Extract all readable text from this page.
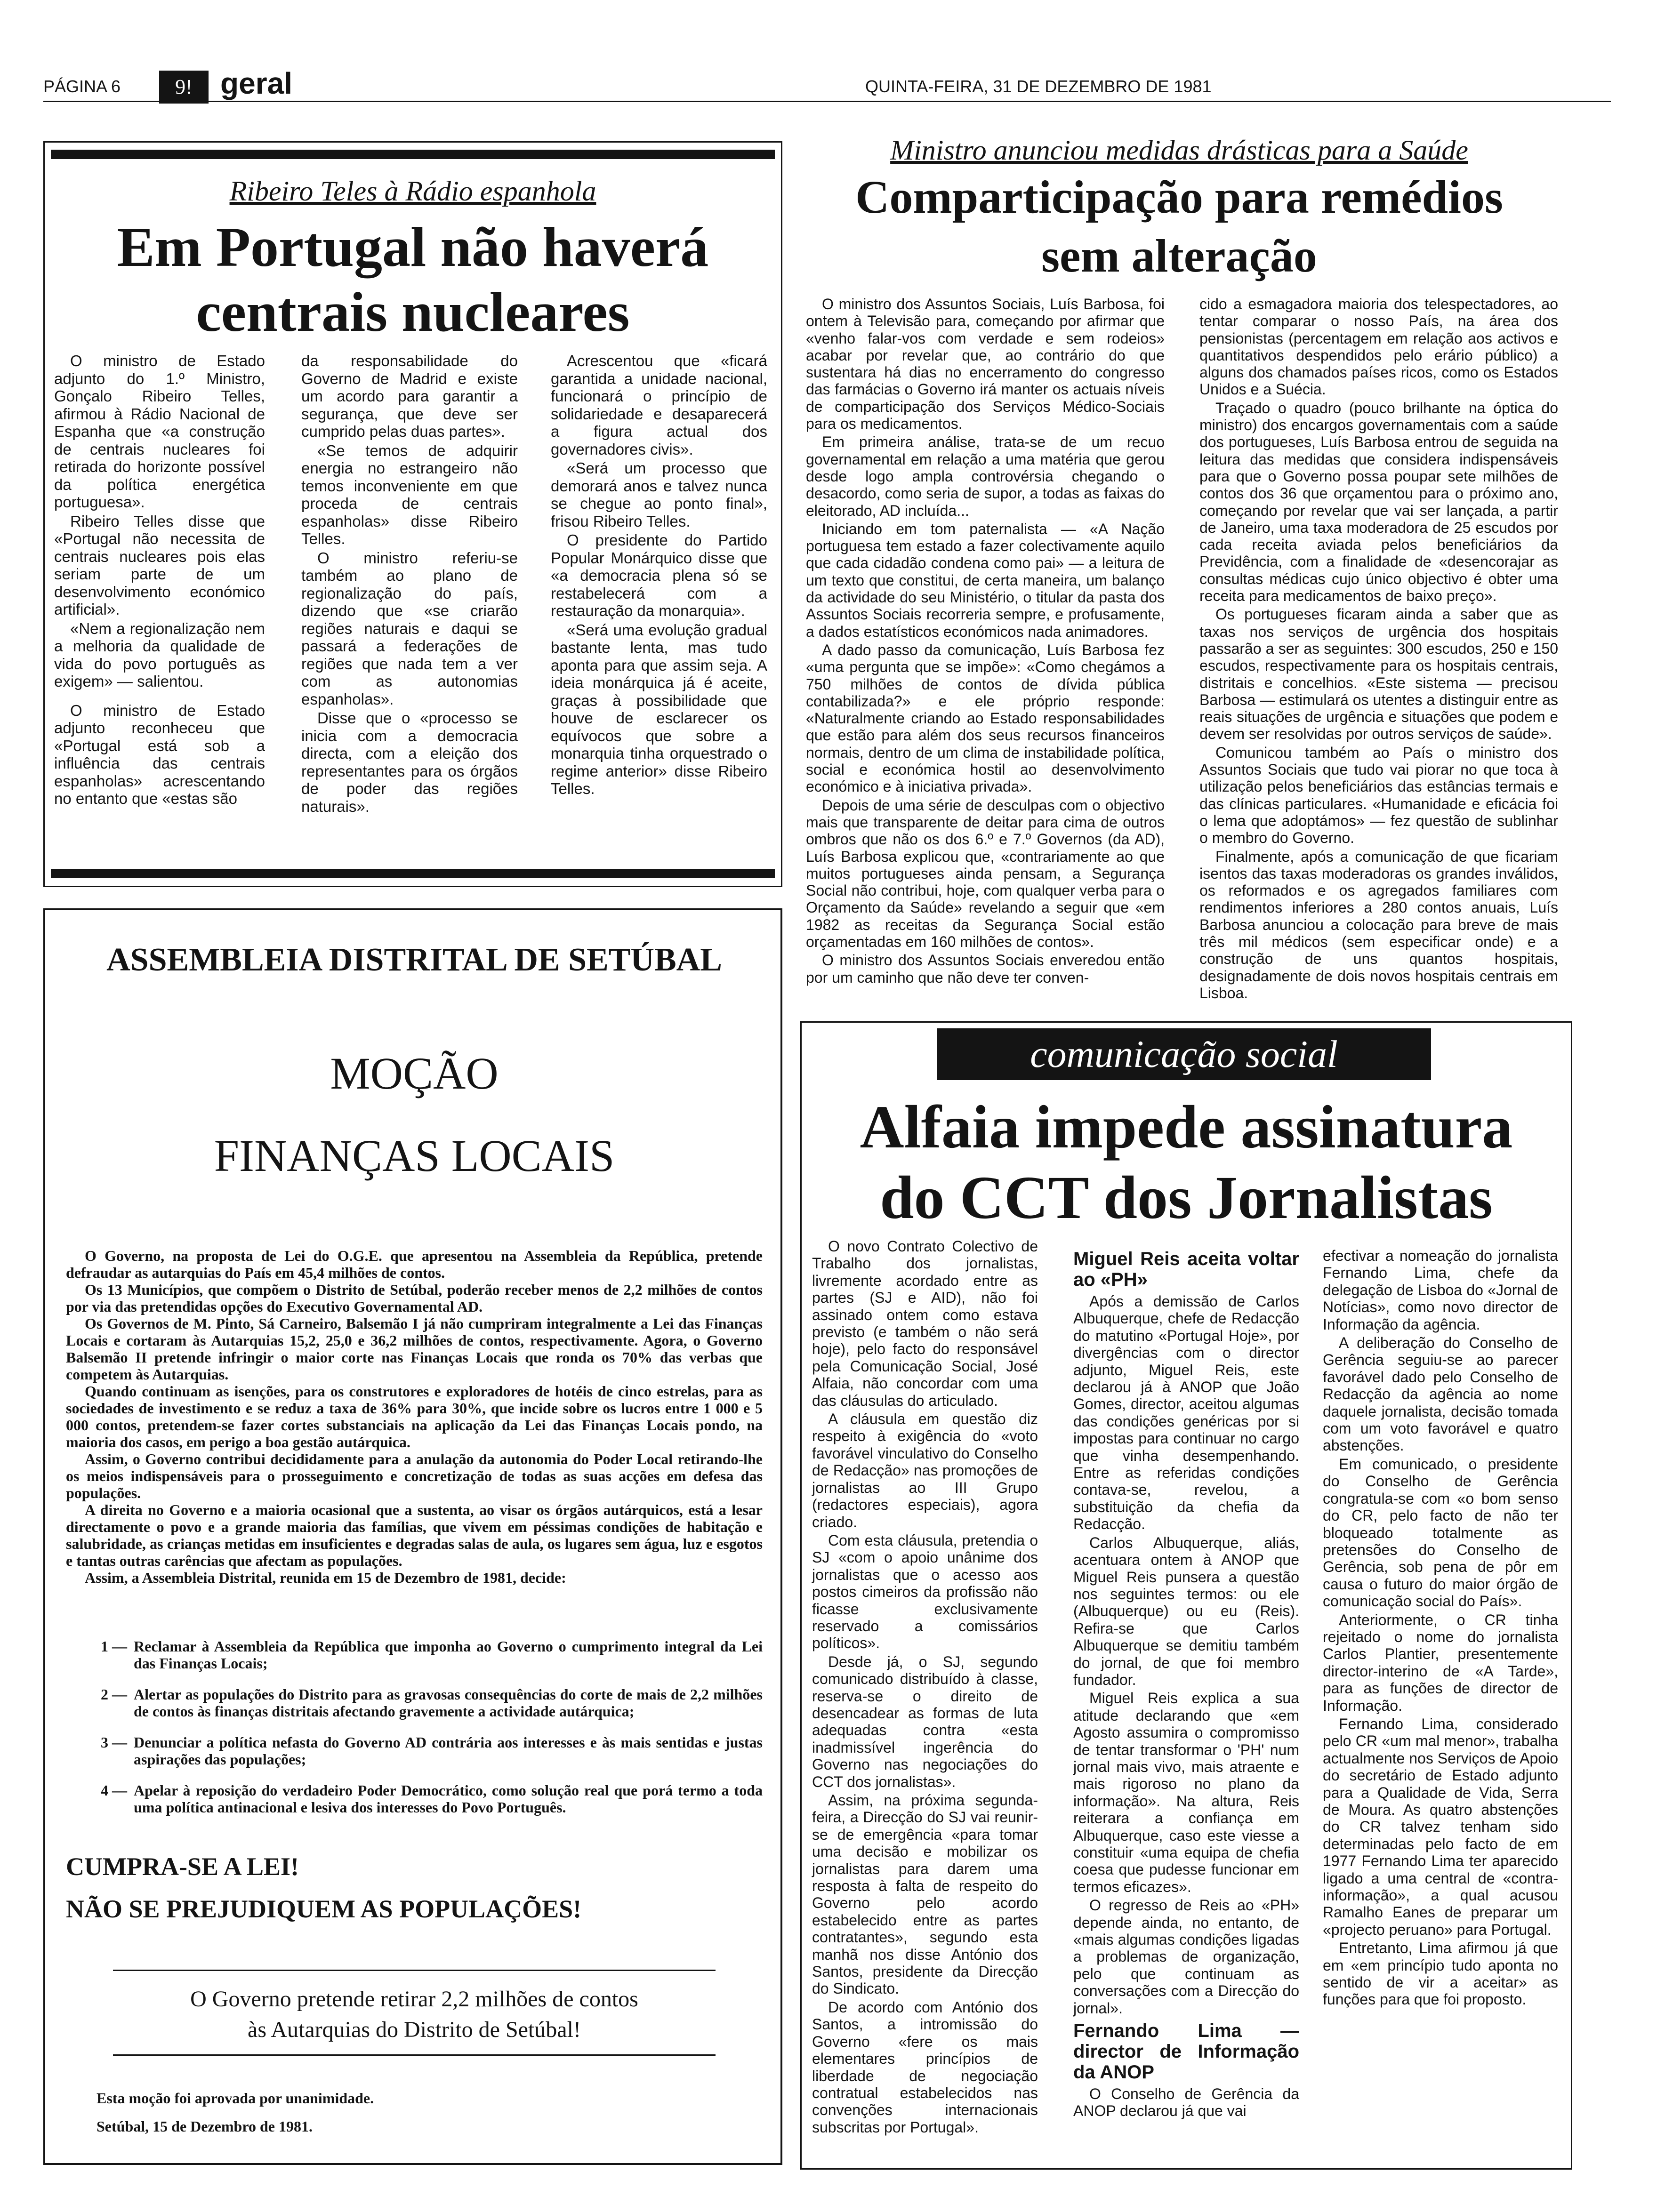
PÁGINA 6	9! geral	QUINTA-FEIRA, 31 DE DEZEMBRO DE 1981
Ribeiro Teles à Rádio espanhola
Em Portugal não haverá
centrais nucleares

O ministro de Estado adjunto do 1.º Ministro, Gonçalo Ribeiro Telles, afirmou à Rádio Nacional de Espanha que «a construção de centrais nucleares foi retirada do horizonte possível da política energética portuguesa».

Ribeiro Telles disse que «Portugal não necessita de centrais nucleares pois elas seriam parte de um desenvolvimento económico artificial».

«Nem a regionalização nem a melhoria da qualidade de vida do povo português as exigem» — salientou.

O ministro de Estado adjunto reconheceu que «Portugal está sob a influência das centrais espanholas» acrescentando no entanto que «estas são

da responsabilidade do Governo de Madrid e existe um acordo para garantir a segurança, que deve ser cumprido pelas duas partes».

«Se temos de adquirir energia no estrangeiro não temos inconveniente em que proceda de centrais espanholas» disse Ribeiro Telles.

O ministro referiu-se também ao plano de regionalização do país, dizendo que «se criarão regiões naturais e daqui se passará a federações de regiões que nada tem a ver com as autonomias espanholas».

Disse que o «processo se inicia com a democracia directa, com a eleição dos representantes para os órgãos de poder das regiões naturais».

Acrescentou que «ficará garantida a unidade nacional, funcionará o princípio de solidariedade e desaparecerá a figura actual dos governadores civis».

«Será um processo que demorará anos e talvez nunca se chegue ao ponto final», frisou Ribeiro Telles.

O presidente do Partido Popular Monárquico disse que «a democracia plena só se restabelecerá com a restauração da monarquia».

«Será uma evolução gradual bastante lenta, mas tudo aponta para que assim seja. A ideia monárquica já é aceite, graças à possibilidade que houve de esclarecer os equívocos que sobre a monarquia tinha orquestrado o regime anterior» disse Ribeiro Telles.

Ministro anunciou medidas drásticas para a Saúde
Comparticipação para remédios
sem alteração

O ministro dos Assuntos Sociais, Luís Barbosa, foi ontem à Televisão para, começando por afirmar que «venho falar-vos com verdade e sem rodeios» acabar por revelar que, ao contrário do que sustentara há dias no encerramento do congresso das farmácias o Governo irá manter os actuais níveis de comparticipação dos Serviços Médico-Sociais para os medicamentos.

Em primeira análise, trata-se de um recuo governamental em relação a uma matéria que gerou desde logo ampla controvérsia chegando o desacordo, como seria de supor, a todas as faixas do eleitorado, AD incluída...

Iniciando em tom paternalista — «A Nação portuguesa tem estado a fazer colectivamente aquilo que cada cidadão condena como pai» — a leitura de um texto que constitui, de certa maneira, um balanço da actividade do seu Ministério, o titular da pasta dos Assuntos Sociais recorreria sempre, e profusamente, a dados estatísticos económicos nada animadores.

A dado passo da comunicação, Luís Barbosa fez «uma pergunta que se impõe»: «Como chegámos a 750 milhões de contos de dívida pública contabilizada?» e ele próprio responde: «Naturalmente criando ao Estado responsabilidades que estão para além dos seus recursos financeiros normais, dentro de um clima de instabilidade política, social e económica hostil ao desenvolvimento económico e à iniciativa privada».

Depois de uma série de desculpas com o objectivo mais que transparente de deitar para cima de outros ombros que não os dos 6.º e 7.º Governos (da AD), Luís Barbosa explicou que, «contrariamente ao que muitos portugueses ainda pensam, a Segurança Social não contribui, hoje, com qualquer verba para o Orçamento da Saúde» revelando a seguir que «em 1982 as receitas da Segurança Social estão orçamentadas em 160 milhões de contos».

O ministro dos Assuntos Sociais enveredou então por um caminho que não deve ter conven-

cido a esmagadora maioria dos telespectadores, ao tentar comparar o nosso País, na área dos pensionistas (percentagem em relação aos activos e quantitativos despendidos pelo erário público) a alguns dos chamados países ricos, como os Estados Unidos e a Suécia.

Traçado o quadro (pouco brilhante na óptica do ministro) dos encargos governamentais com a saúde dos portugueses, Luís Barbosa entrou de seguida na leitura das medidas que considera indispensáveis para que o Governo possa poupar sete milhões de contos dos 36 que orçamentou para o próximo ano, começando por revelar que vai ser lançada, a partir de Janeiro, uma taxa moderadora de 25 escudos por cada receita aviada pelos beneficiários da Previdência, com a finalidade de «desencorajar as consultas médicas cujo único objectivo é obter uma receita para medicamentos de baixo preço».

Os portugueses ficaram ainda a saber que as taxas nos serviços de urgência dos hospitais passarão a ser as seguintes: 300 escudos, 250 e 150 escudos, respectivamente para os hospitais centrais, distritais e concelhios. «Este sistema — precisou Barbosa — estimulará os utentes a distinguir entre as reais situações de urgência e situações que podem e devem ser resolvidas por outros serviços de saúde».

Comunicou também ao País o ministro dos Assuntos Sociais que tudo vai piorar no que toca à utilização pelos beneficiários das estâncias termais e das clínicas particulares. «Humanidade e eficácia foi o lema que adoptámos» — fez questão de sublinhar o membro do Governo.

Finalmente, após a comunicação de que ficariam isentos das taxas moderadoras os grandes inválidos, os reformados e os agregados familiares com rendimentos inferiores a 280 contos anuais, Luís Barbosa anunciou a colocação para breve de mais três mil médicos (sem especificar onde) e a construção de uns quantos hospitais, designadamente de dois novos hospitais centrais em Lisboa.

ASSEMBLEIA DISTRITAL DE SETÚBAL
MOÇÃO
FINANÇAS LOCAIS

O Governo, na proposta de Lei do O.G.E. que apresentou na Assembleia da República, pretende defraudar as autarquias do País em 45,4 milhões de contos.

Os 13 Municípios, que compõem o Distrito de Setúbal, poderão receber menos de 2,2 milhões de contos por via das pretendidas opções do Executivo Governamental AD.

Os Governos de M. Pinto, Sá Carneiro, Balsemão I já não cumpriram integralmente a Lei das Finanças Locais e cortaram às Autarquias 15,2, 25,0 e 36,2 milhões de contos, respectivamente. Agora, o Governo Balsemão II pretende infringir o maior corte nas Finanças Locais que ronda os 70% das verbas que competem às Autarquias.

Quando continuam as isenções, para os construtores e exploradores de hotéis de cinco estrelas, para as sociedades de investimento e se reduz a taxa de 36% para 30%, que incide sobre os lucros entre 1 000 e 5 000 contos, pretendem-se fazer cortes substanciais na aplicação da Lei das Finanças Locais pondo, na maioria dos casos, em perigo a boa gestão autárquica.

Assim, o Governo contribui decididamente para a anulação da autonomia do Poder Local retirando-lhe os meios indispensáveis para o prosseguimento e concretização de todas as suas acções em defesa das populações.

A direita no Governo e a maioria ocasional que a sustenta, ao visar os órgãos autárquicos, está a lesar directamente o povo e a grande maioria das famílias, que vivem em péssimas condições de habitação e salubridade, as crianças metidas em insuficientes e degradas salas de aula, os lugares sem água, luz e esgotos e tantas outras carências que afectam as populações.

Assim, a Assembleia Distrital, reunida em 15 de Dezembro de 1981, decide:

1 — Reclamar à Assembleia da República que imponha ao Governo o cumprimento integral da Lei das Finanças Locais;
2 — Alertar as populações do Distrito para as gravosas consequências do corte de mais de 2,2 milhões de contos às finanças distritais afectando gravemente a actividade autárquica;
3 — Denunciar a política nefasta do Governo AD contrária aos interesses e às mais sentidas e justas aspirações das populações;
4 — Apelar à reposição do verdadeiro Poder Democrático, como solução real que porá termo a toda uma política antinacional e lesiva dos interesses do Povo Português.
CUMPRA-SE A LEI!
NÃO SE PREJUDIQUEM AS POPULAÇÕES!
O Governo pretende retirar 2,2 milhões de contos
às Autarquias do Distrito de Setúbal!
Esta moção foi aprovada por unanimidade.
Setúbal, 15 de Dezembro de 1981.
comunicação social
Alfaia impede assinatura
do CCT dos Jornalistas

O novo Contrato Colectivo de Trabalho dos jornalistas, livremente acordado entre as partes (SJ e AID), não foi assinado ontem como estava previsto (e também o não será hoje), pelo facto do responsável pela Comunicação Social, José Alfaia, não concordar com uma das cláusulas do articulado.

A cláusula em questão diz respeito à exigência do «voto favorável vinculativo do Conselho de Redacção» nas promoções de jornalistas ao III Grupo (redactores especiais), agora criado.

Com esta cláusula, pretendia o SJ «com o apoio unânime dos jornalistas que o acesso aos postos cimeiros da profissão não ficasse exclusivamente reservado a comissários políticos».

Desde já, o SJ, segundo comunicado distribuído à classe, reserva-se o direito de desencadear as formas de luta adequadas contra «esta inadmissível ingerência do Governo nas negociações do CCT dos jornalistas».

Assim, na próxima segunda-feira, a Direcção do SJ vai reunir-se de emergência «para tomar uma decisão e mobilizar os jornalistas para darem uma resposta à falta de respeito do Governo pelo acordo estabelecido entre as partes contratantes», segundo esta manhã nos disse António dos Santos, presidente da Direcção do Sindicato.

De acordo com António dos Santos, a intromissão do Governo «fere os mais elementares princípios de liberdade de negociação contratual estabelecidos nas convenções internacionais subscritas por Portugal».

Miguel Reis aceita voltar ao «PH»

Após a demissão de Carlos Albuquerque, chefe de Redacção do matutino «Portugal Hoje», por divergências com o director adjunto, Miguel Reis, este declarou já à ANOP que João Gomes, director, aceitou algumas das condições genéricas por si impostas para continuar no cargo que vinha desempenhando. Entre as referidas condições contava-se, revelou, a substituição da chefia da Redacção.

Carlos Albuquerque, aliás, acentuara ontem à ANOP que Miguel Reis punsera a questão nos seguintes termos: ou ele (Albuquerque) ou eu (Reis). Refira-se que Carlos Albuquerque se demitiu também do jornal, de que foi membro fundador.

Miguel Reis explica a sua atitude declarando que «em Agosto assumira o compromisso de tentar transformar o 'PH' num jornal mais vivo, mais atraente e mais rigoroso no plano da informação». Na altura, Reis reiterara a confiança em Albuquerque, caso este viesse a constituir «uma equipa de chefia coesa que pudesse funcionar em termos eficazes».

O regresso de Reis ao «PH» depende ainda, no entanto, de «mais algumas condições ligadas a problemas de organização, pelo que continuam as conversações com a Direcção do jornal».

Fernando Lima — director de Informação da ANOP

O Conselho de Gerência da ANOP declarou já que vai

efectivar a nomeação do jornalista Fernando Lima, chefe da delegação de Lisboa do «Jornal de Notícias», como novo director de Informação da agência.

A deliberação do Conselho de Gerência seguiu-se ao parecer favorável dado pelo Conselho de Redacção da agência ao nome daquele jornalista, decisão tomada com um voto favorável e quatro abstenções.

Em comunicado, o presidente do Conselho de Gerência congratula-se com «o bom senso do CR, pelo facto de não ter bloqueado totalmente as pretensões do Conselho de Gerência, sob pena de pôr em causa o futuro do maior órgão de comunicação social do País».

Anteriormente, o CR tinha rejeitado o nome do jornalista Carlos Plantier, presentemente director-interino de «A Tarde», para as funções de director de Informação.

Fernando Lima, considerado pelo CR «um mal menor», trabalha actualmente nos Serviços de Apoio do secretário de Estado adjunto para a Qualidade de Vida, Serra de Moura. As quatro abstenções do CR talvez tenham sido determinadas pelo facto de em 1977 Fernando Lima ter aparecido ligado a uma central de «contra-informação», a qual acusou Ramalho Eanes de preparar um «projecto peruano» para Portugal.

Entretanto, Lima afirmou já que em «em princípio tudo aponta no sentido de vir a aceitar» as funções para que foi proposto.
